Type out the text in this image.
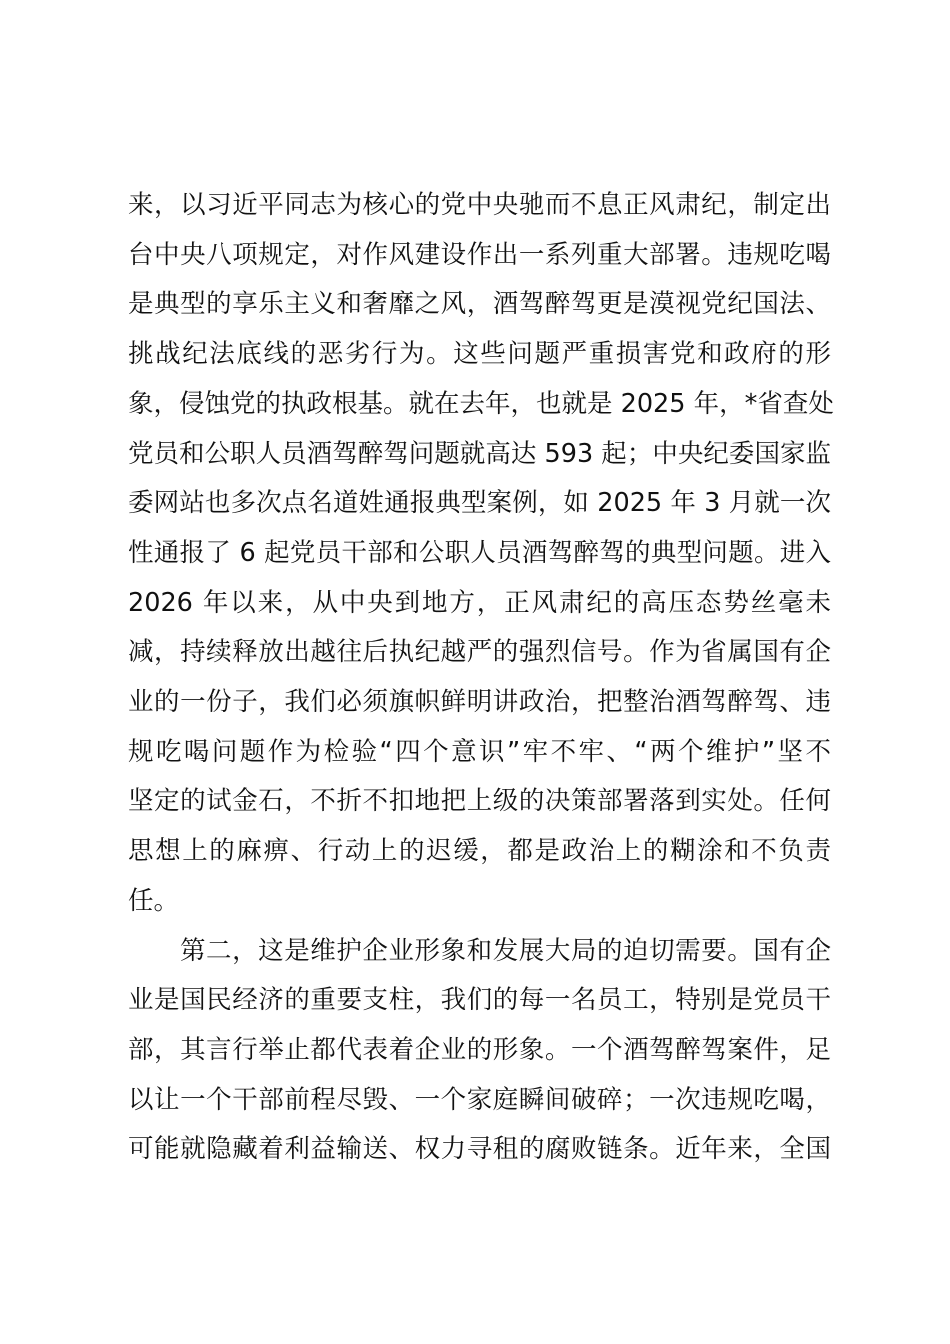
来，以习近平同志为核心的党中央驰而不息正风肃纪，制定出
台中央八项规定，对作风建设作出一系列重大部署。违规吃喝
是典型的享乐主义和奢靡之风，酒驾醉驾更是漠视党纪国法、
挑战纪法底线的恶劣行为。这些问题严重损害党和政府的形
象，侵蚀党的执政根基。就在去年，也就是 2025 年，*省查处
党员和公职人员酒驾醉驾问题就高达 593 起；中央纪委国家监
委网站也多次点名道姓通报典型案例，如 2025 年 3 月就一次
性通报了 6 起党员干部和公职人员酒驾醉驾的典型问题。进入
2026 年以来，从中央到地方，正风肃纪的高压态势丝毫未
减，持续释放出越往后执纪越严的强烈信号。作为省属国有企
业的一份子，我们必须旗帜鲜明讲政治，把整治酒驾醉驾、违
规吃喝问题作为检验“四个意识”牢不牢、“两个维护”坚不
坚定的试金石，不折不扣地把上级的决策部署落到实处。任何
思想上的麻痹、行动上的迟缓，都是政治上的糊涂和不负责
任。
第二，这是维护企业形象和发展大局的迫切需要。国有企
业是国民经济的重要支柱，我们的每一名员工，特别是党员干
部，其言行举止都代表着企业的形象。一个酒驾醉驾案件，足
以让一个干部前程尽毁、一个家庭瞬间破碎；一次违规吃喝，
可能就隐藏着利益输送、权力寻租的腐败链条。近年来，全国
